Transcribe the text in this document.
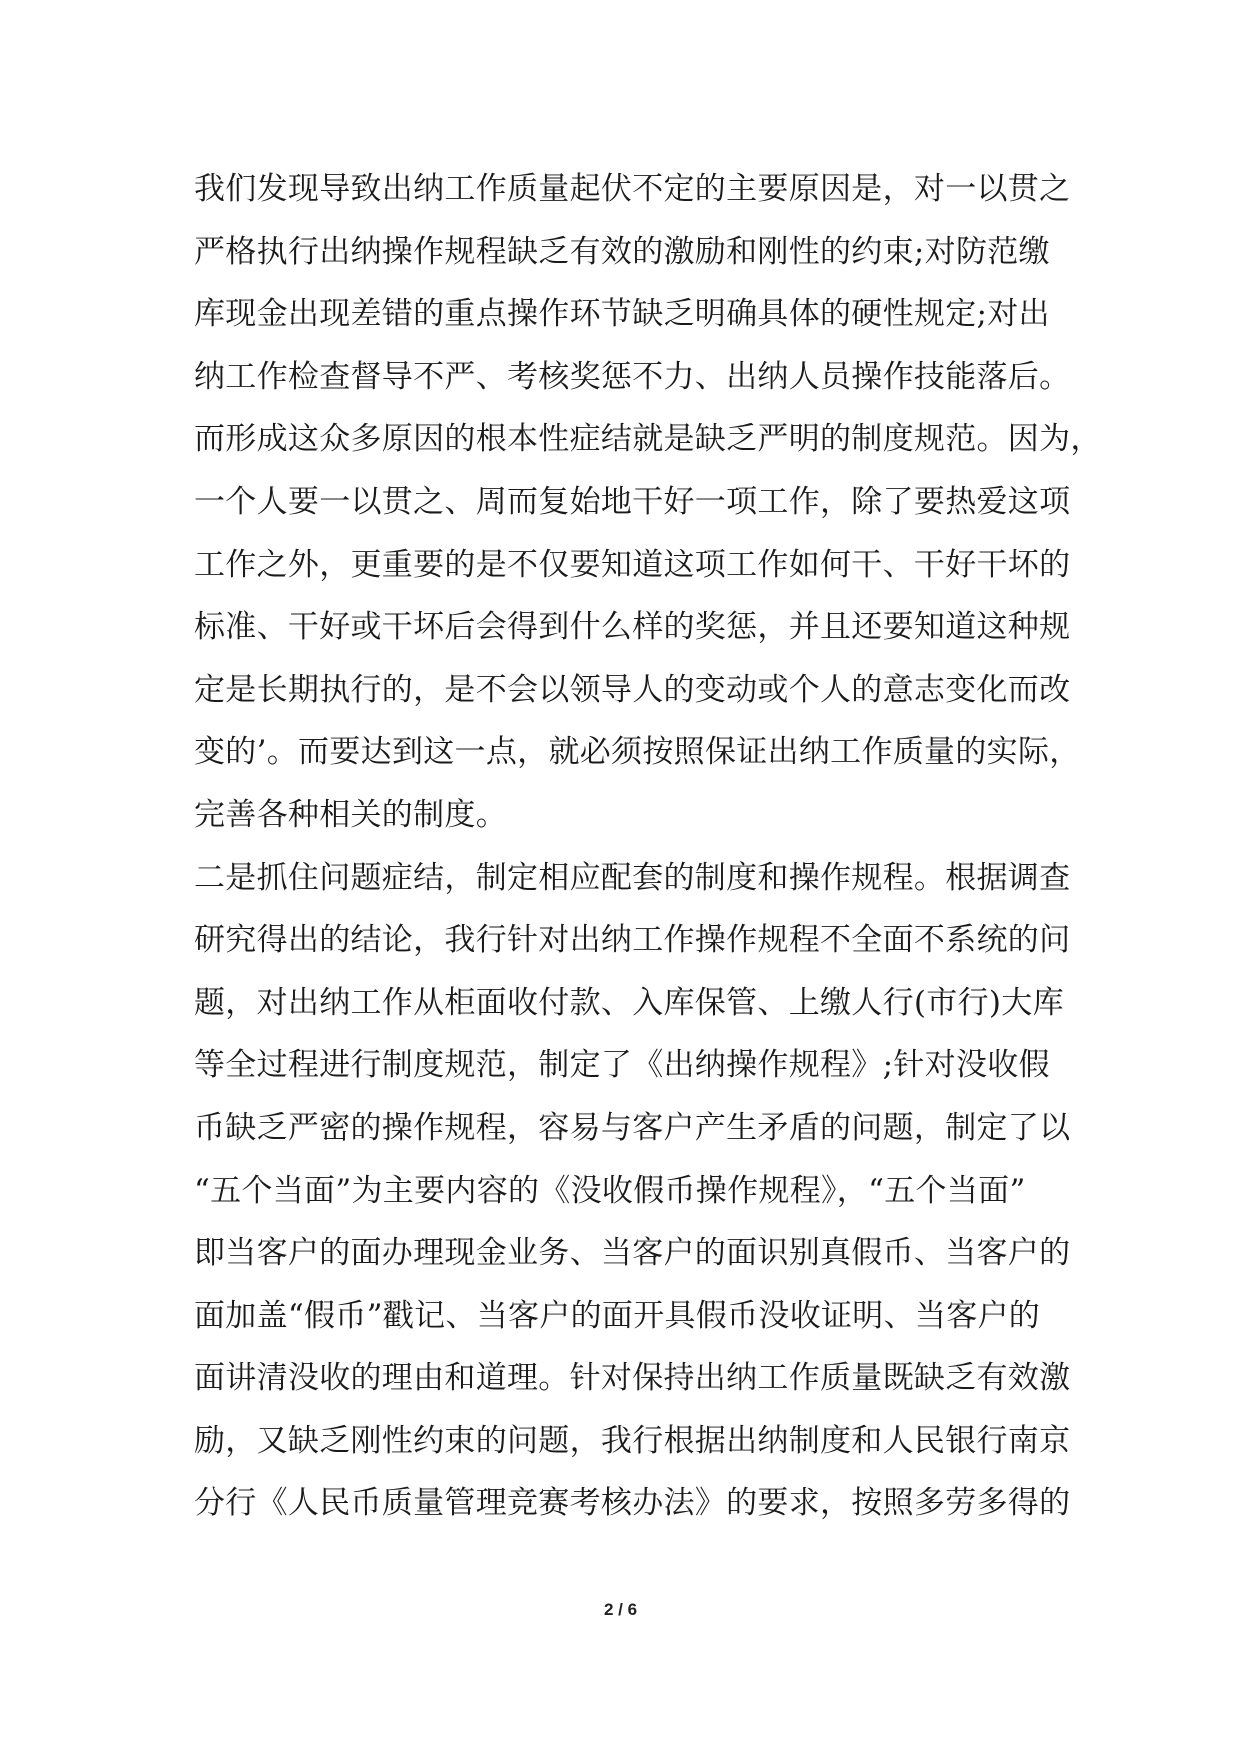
我们发现导致出纳工作质量起伏不定的主要原因是，对一以贯之
严格执行出纳操作规程缺乏有效的激励和刚性的约束;对防范缴
库现金出现差错的重点操作环节缺乏明确具体的硬性规定;对出
纳工作检查督导不严、考核奖惩不力、出纳人员操作技能落后。
而形成这众多原因的根本性症结就是缺乏严明的制度规范。因为，
一个人要一以贯之、周而复始地干好一项工作，除了要热爱这项
工作之外，更重要的是不仅要知道这项工作如何干、干好干坏的
标准、干好或干坏后会得到什么样的奖惩，并且还要知道这种规
定是长期执行的，是不会以领导人的变动或个人的意志变化而改
变的’。而要达到这一点，就必须按照保证出纳工作质量的实际，
完善各种相关的制度。
二是抓住问题症结，制定相应配套的制度和操作规程。根据调查
研究得出的结论，我行针对出纳工作操作规程不全面不系统的问
题，对出纳工作从柜面收付款、入库保管、上缴人行(市行)大库
等全过程进行制度规范，制定了《出纳操作规程》;针对没收假
币缺乏严密的操作规程，容易与客户产生矛盾的问题，制定了以
“五个当面”为主要内容的《没收假币操作规程》，“五个当面”
即当客户的面办理现金业务、当客户的面识别真假币、当客户的
面加盖“假币”戳记、当客户的面开具假币没收证明、当客户的
面讲清没收的理由和道理。针对保持出纳工作质量既缺乏有效激
励，又缺乏刚性约束的问题，我行根据出纳制度和人民银行南京
分行《人民币质量管理竞赛考核办法》的要求，按照多劳多得的
2 / 6
